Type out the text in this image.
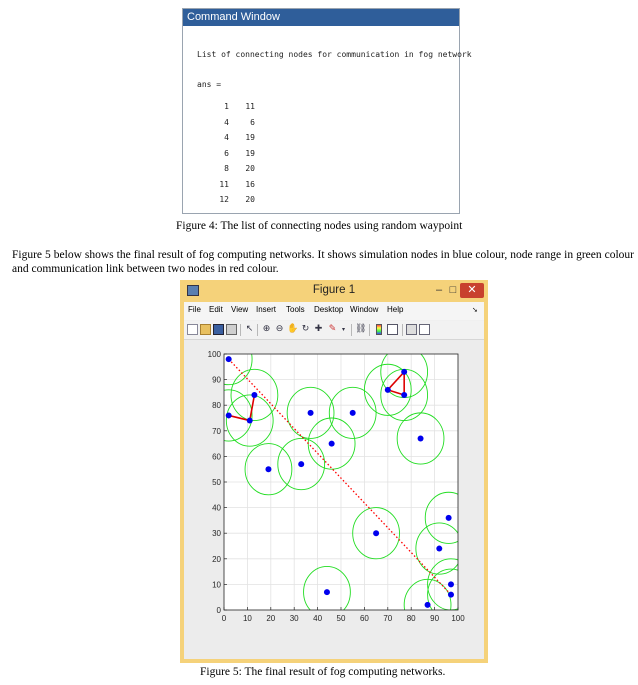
Command Window
List of connecting nodes for communication in fog network
ans =
1	11
4	6
4	19
6	19
8	20
11	16
12	20
Figure 4: The list of connecting nodes using random waypoint
Figure 5 below shows the final result of fog computing networks. It shows simulation nodes in blue colour, node range in green colour and communication link between two nodes in red colour.
Figure 1	– □	✕
File Edit View Insert Tools Desktop Window Help	➘
↖ ⊕ ⊖ ✋ ↻ ✚ ✎ ▾	⛓
0 10 20 30 40 50 60 70 80 90 100
0
10
20
30
40
50
60
70
80
90
100
Figure 5: The final result of fog computing networks.
